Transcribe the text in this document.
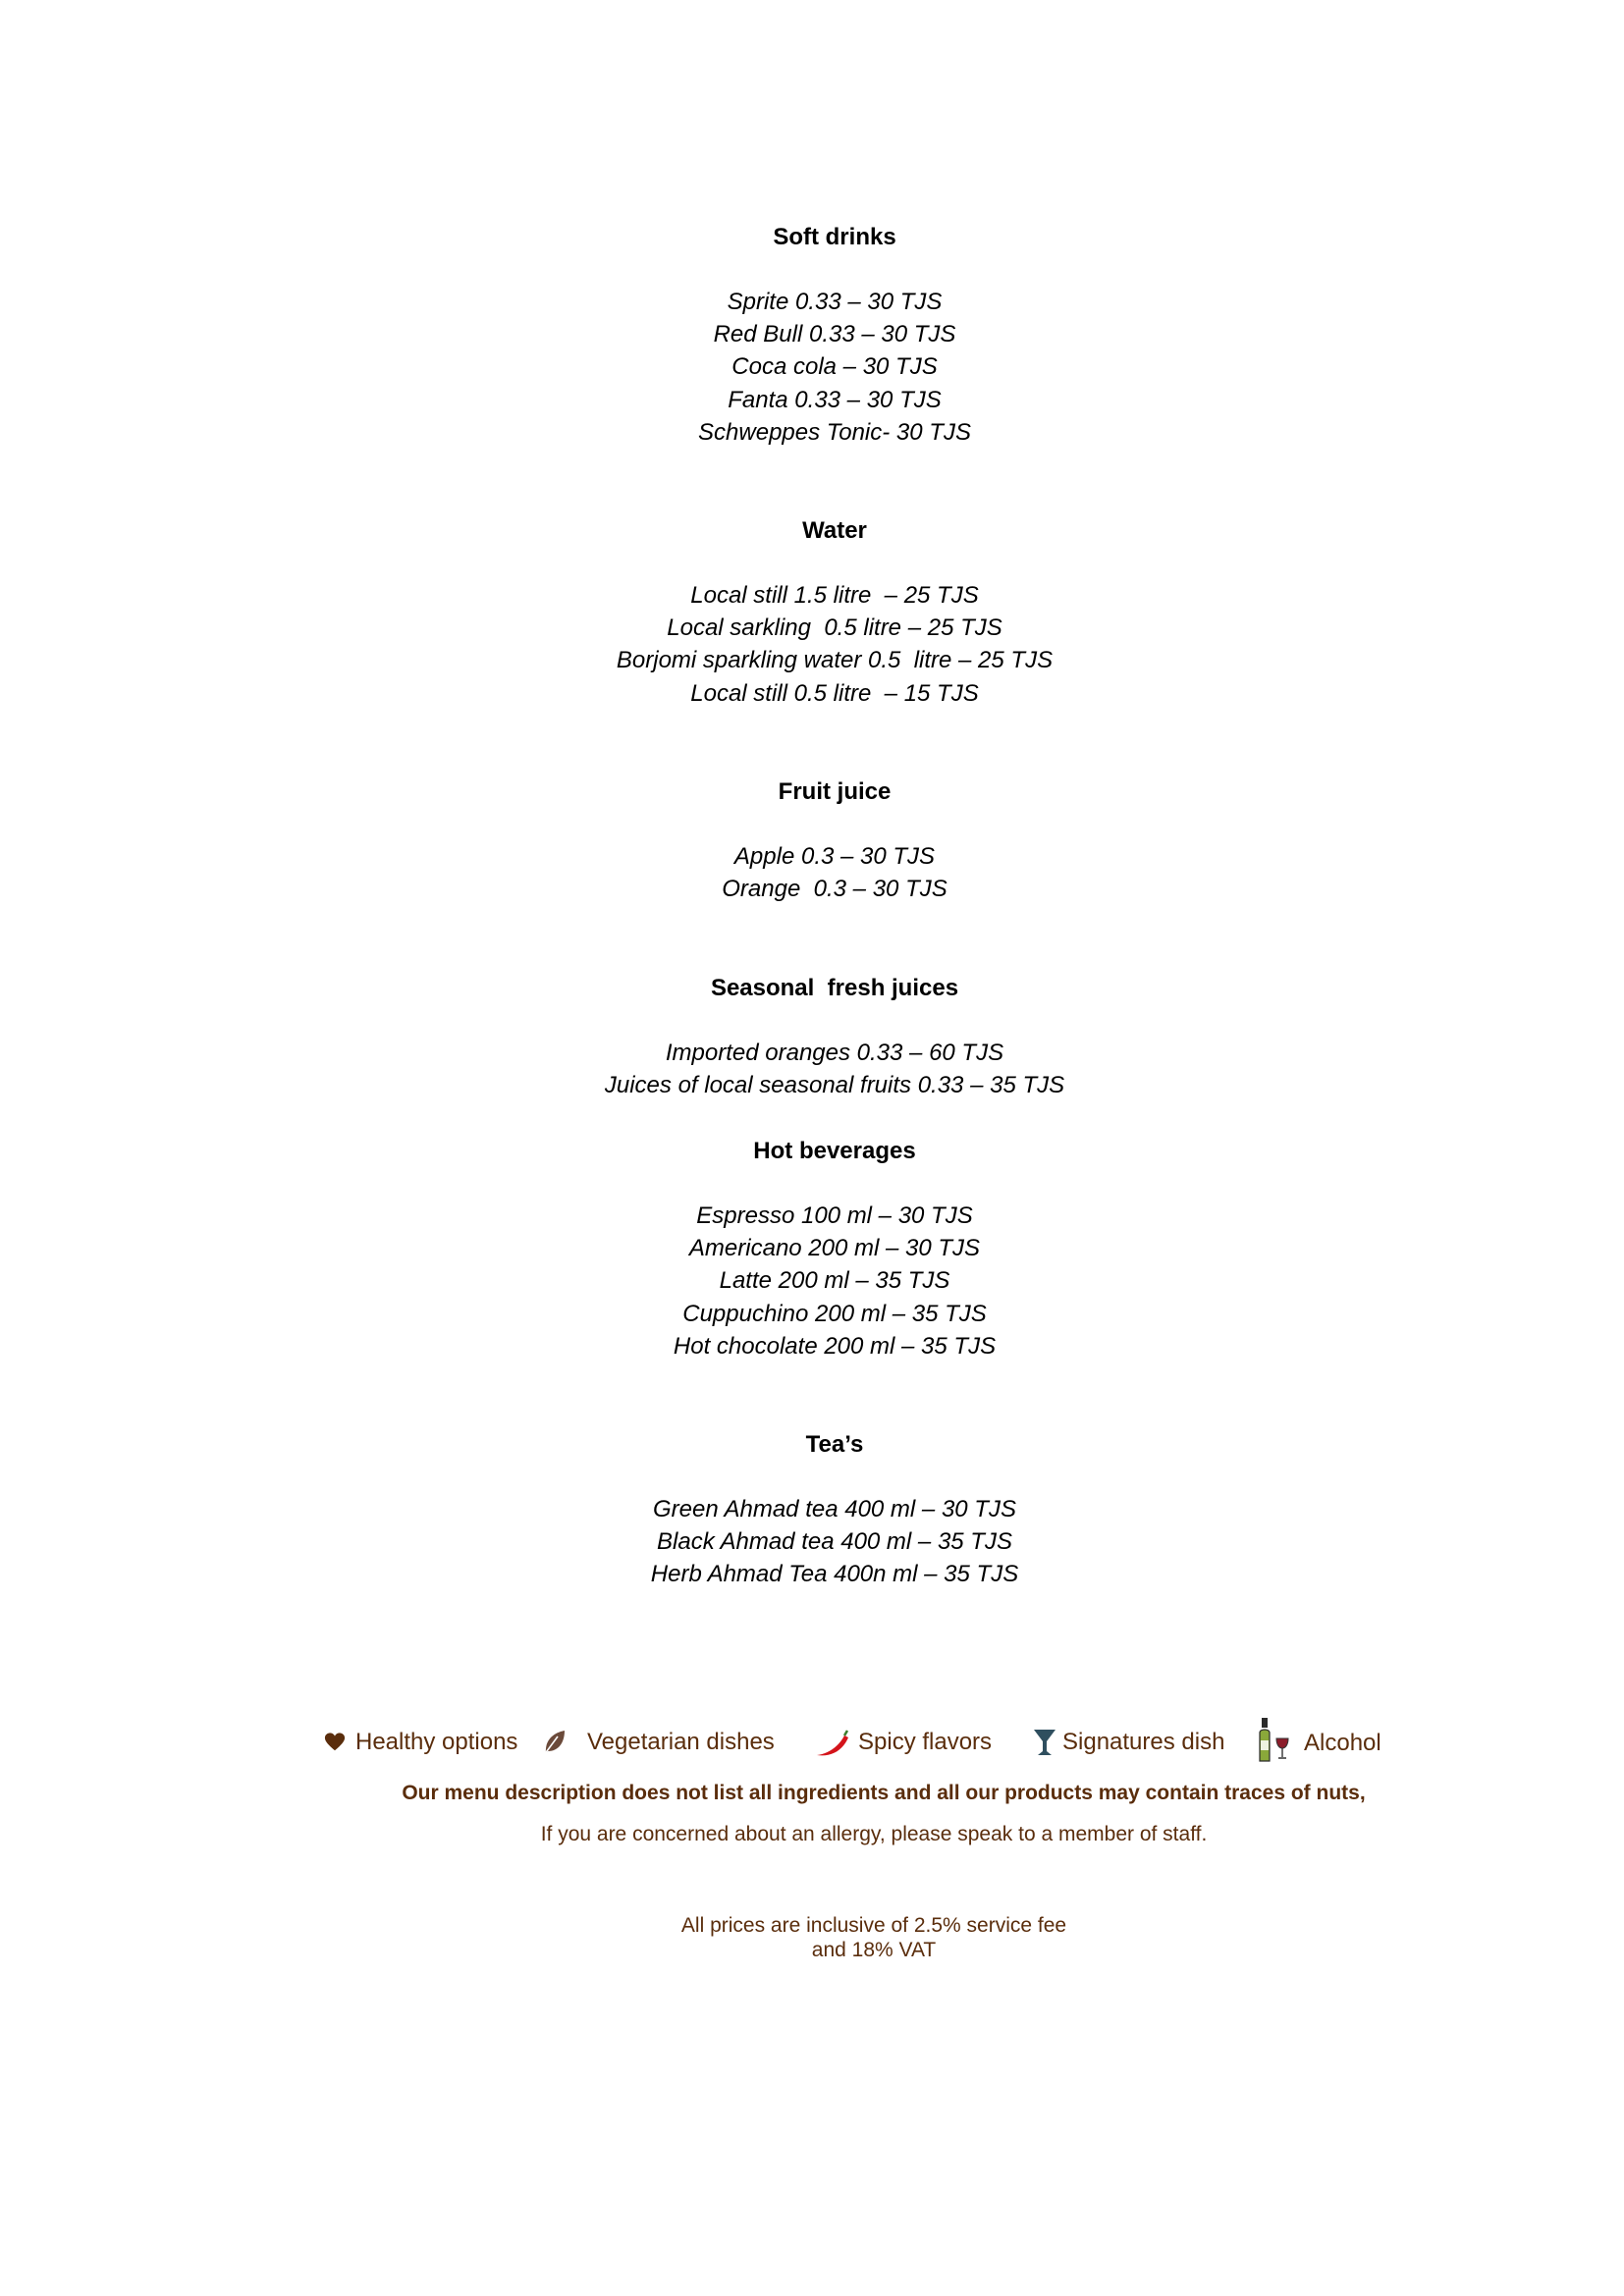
Soft drinks
Sprite 0.33 – 30 TJS
Red Bull 0.33 – 30 TJS
Coca cola – 30 TJS
Fanta 0.33 – 30 TJS
Schweppes Tonic- 30 TJS
Water
Local still 1.5 litre  – 25 TJS
Local sarkling  0.5 litre – 25 TJS
Borjomi sparkling water 0.5  litre – 25 TJS
Local still 0.5 litre  – 15 TJS
Fruit juice
Apple 0.3 – 30 TJS
Orange  0.3 – 30 TJS
Seasonal  fresh juices
Imported oranges 0.33 – 60 TJS
Juices of local seasonal fruits 0.33 – 35 TJS
Hot beverages
Espresso 100 ml – 30 TJS
Americano 200 ml – 30 TJS
Latte 200 ml – 35 TJS
Cuppuchino 200 ml – 35 TJS
Hot chocolate 200 ml – 35 TJS
Tea’s
Green Ahmad tea 400 ml – 30 TJS
Black Ahmad tea 400 ml – 35 TJS
Herb Ahmad Tea 400n ml – 35 TJS
Healthy options	Vegetarian dishes	Spicy flavors	Signatures dish	Alcohol
Our menu description does not list all ingredients and all our products may contain traces of nuts,
If you are concerned about an allergy, please speak to a member of staff.
All prices are inclusive of 2.5% service fee
and 18% VAT
